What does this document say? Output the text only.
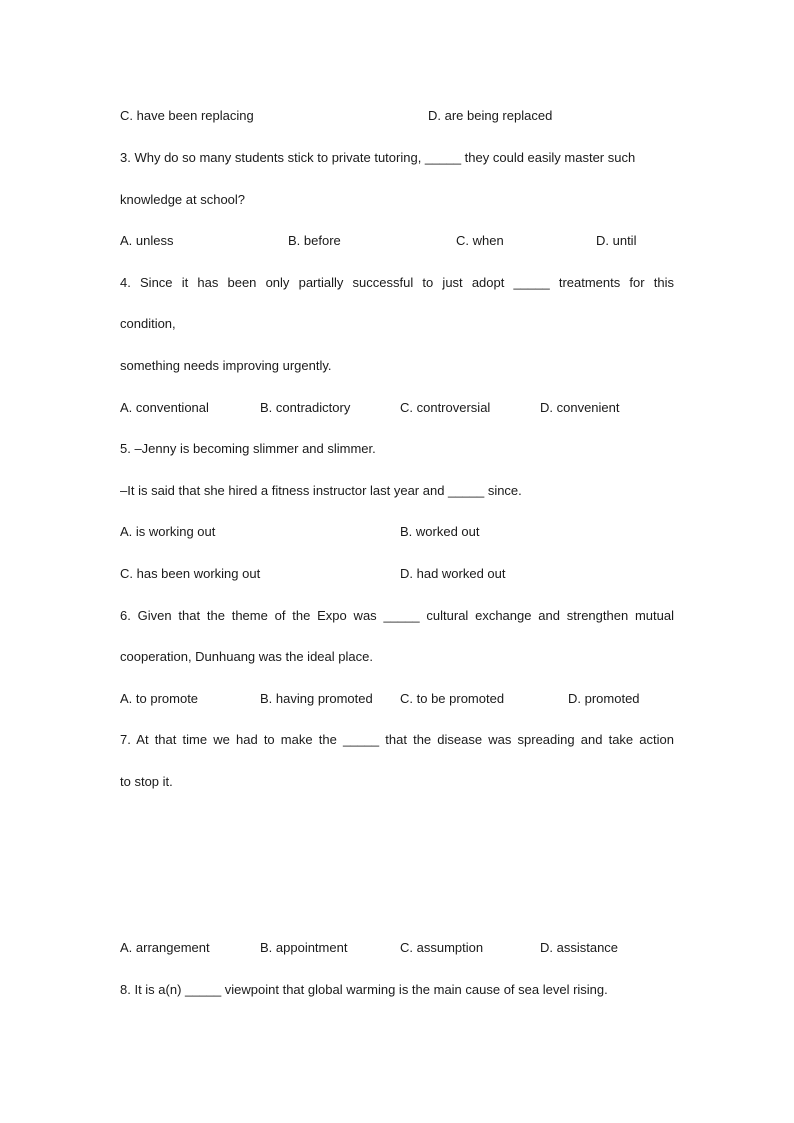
C. have been replacing	D. are being replaced
3. Why do so many students stick to private tutoring, _____ they could easily master such
knowledge at school?
A. unless	B. before	C. when	D. until
4. Since it has been only partially successful to just adopt _____ treatments for this
condition,
something needs improving urgently.
A. conventional	B. contradictory	C. controversial	D. convenient
5. –Jenny is becoming slimmer and slimmer.
–It is said that she hired a fitness instructor last year and _____ since.
A. is working out	B. worked out
C. has been working out	D. had worked out
6. Given that the theme of the Expo was _____ cultural exchange and strengthen mutual
cooperation, Dunhuang was the ideal place.
A. to promote	B. having promoted C. to be promoted	D. promoted
7. At that time we had to make the _____ that the disease was spreading and take action
to stop it.
A. arrangement	B. appointment	C. assumption	D. assistance
8. It is a(n) _____ viewpoint that global warming is the main cause of sea level rising.
